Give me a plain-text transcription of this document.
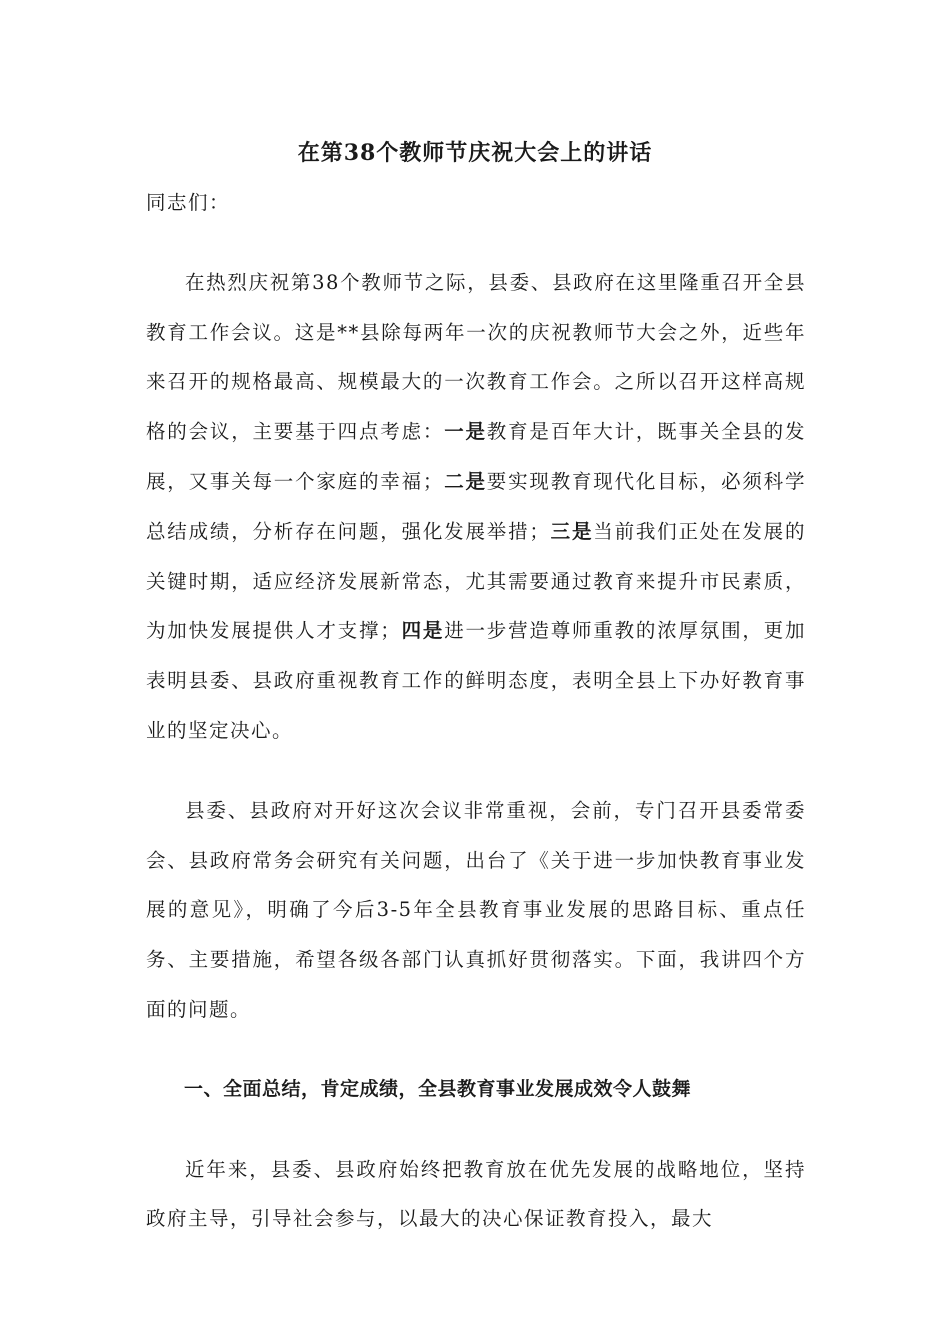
在第38个教师节庆祝大会上的讲话

同志们：

在热烈庆祝第38个教师节之际，县委、县政府在这里隆重召开全县教育工作会议。这是**县除每两年一次的庆祝教师节大会之外，近些年来召开的规格最高、规模最大的一次教育工作会。之所以召开这样高规格的会议，主要基于四点考虑：一是教育是百年大计，既事关全县的发展，又事关每一个家庭的幸福；二是要实现教育现代化目标，必须科学总结成绩，分析存在问题，强化发展举措；三是当前我们正处在发展的关键时期，适应经济发展新常态，尤其需要通过教育来提升市民素质，为加快发展提供人才支撑；四是进一步营造尊师重教的浓厚氛围，更加表明县委、县政府重视教育工作的鲜明态度，表明全县上下办好教育事业的坚定决心。

县委、县政府对开好这次会议非常重视，会前，专门召开县委常委会、县政府常务会研究有关问题，出台了《关于进一步加快教育事业发展的意见》，明确了今后3-5年全县教育事业发展的思路目标、重点任务、主要措施，希望各级各部门认真抓好贯彻落实。下面，我讲四个方面的问题。

一、全面总结，肯定成绩，全县教育事业发展成效令人鼓舞

近年来，县委、县政府始终把教育放在优先发展的战略地位，坚持政府主导，引导社会参与，以最大的决心保证教育投入，最大
